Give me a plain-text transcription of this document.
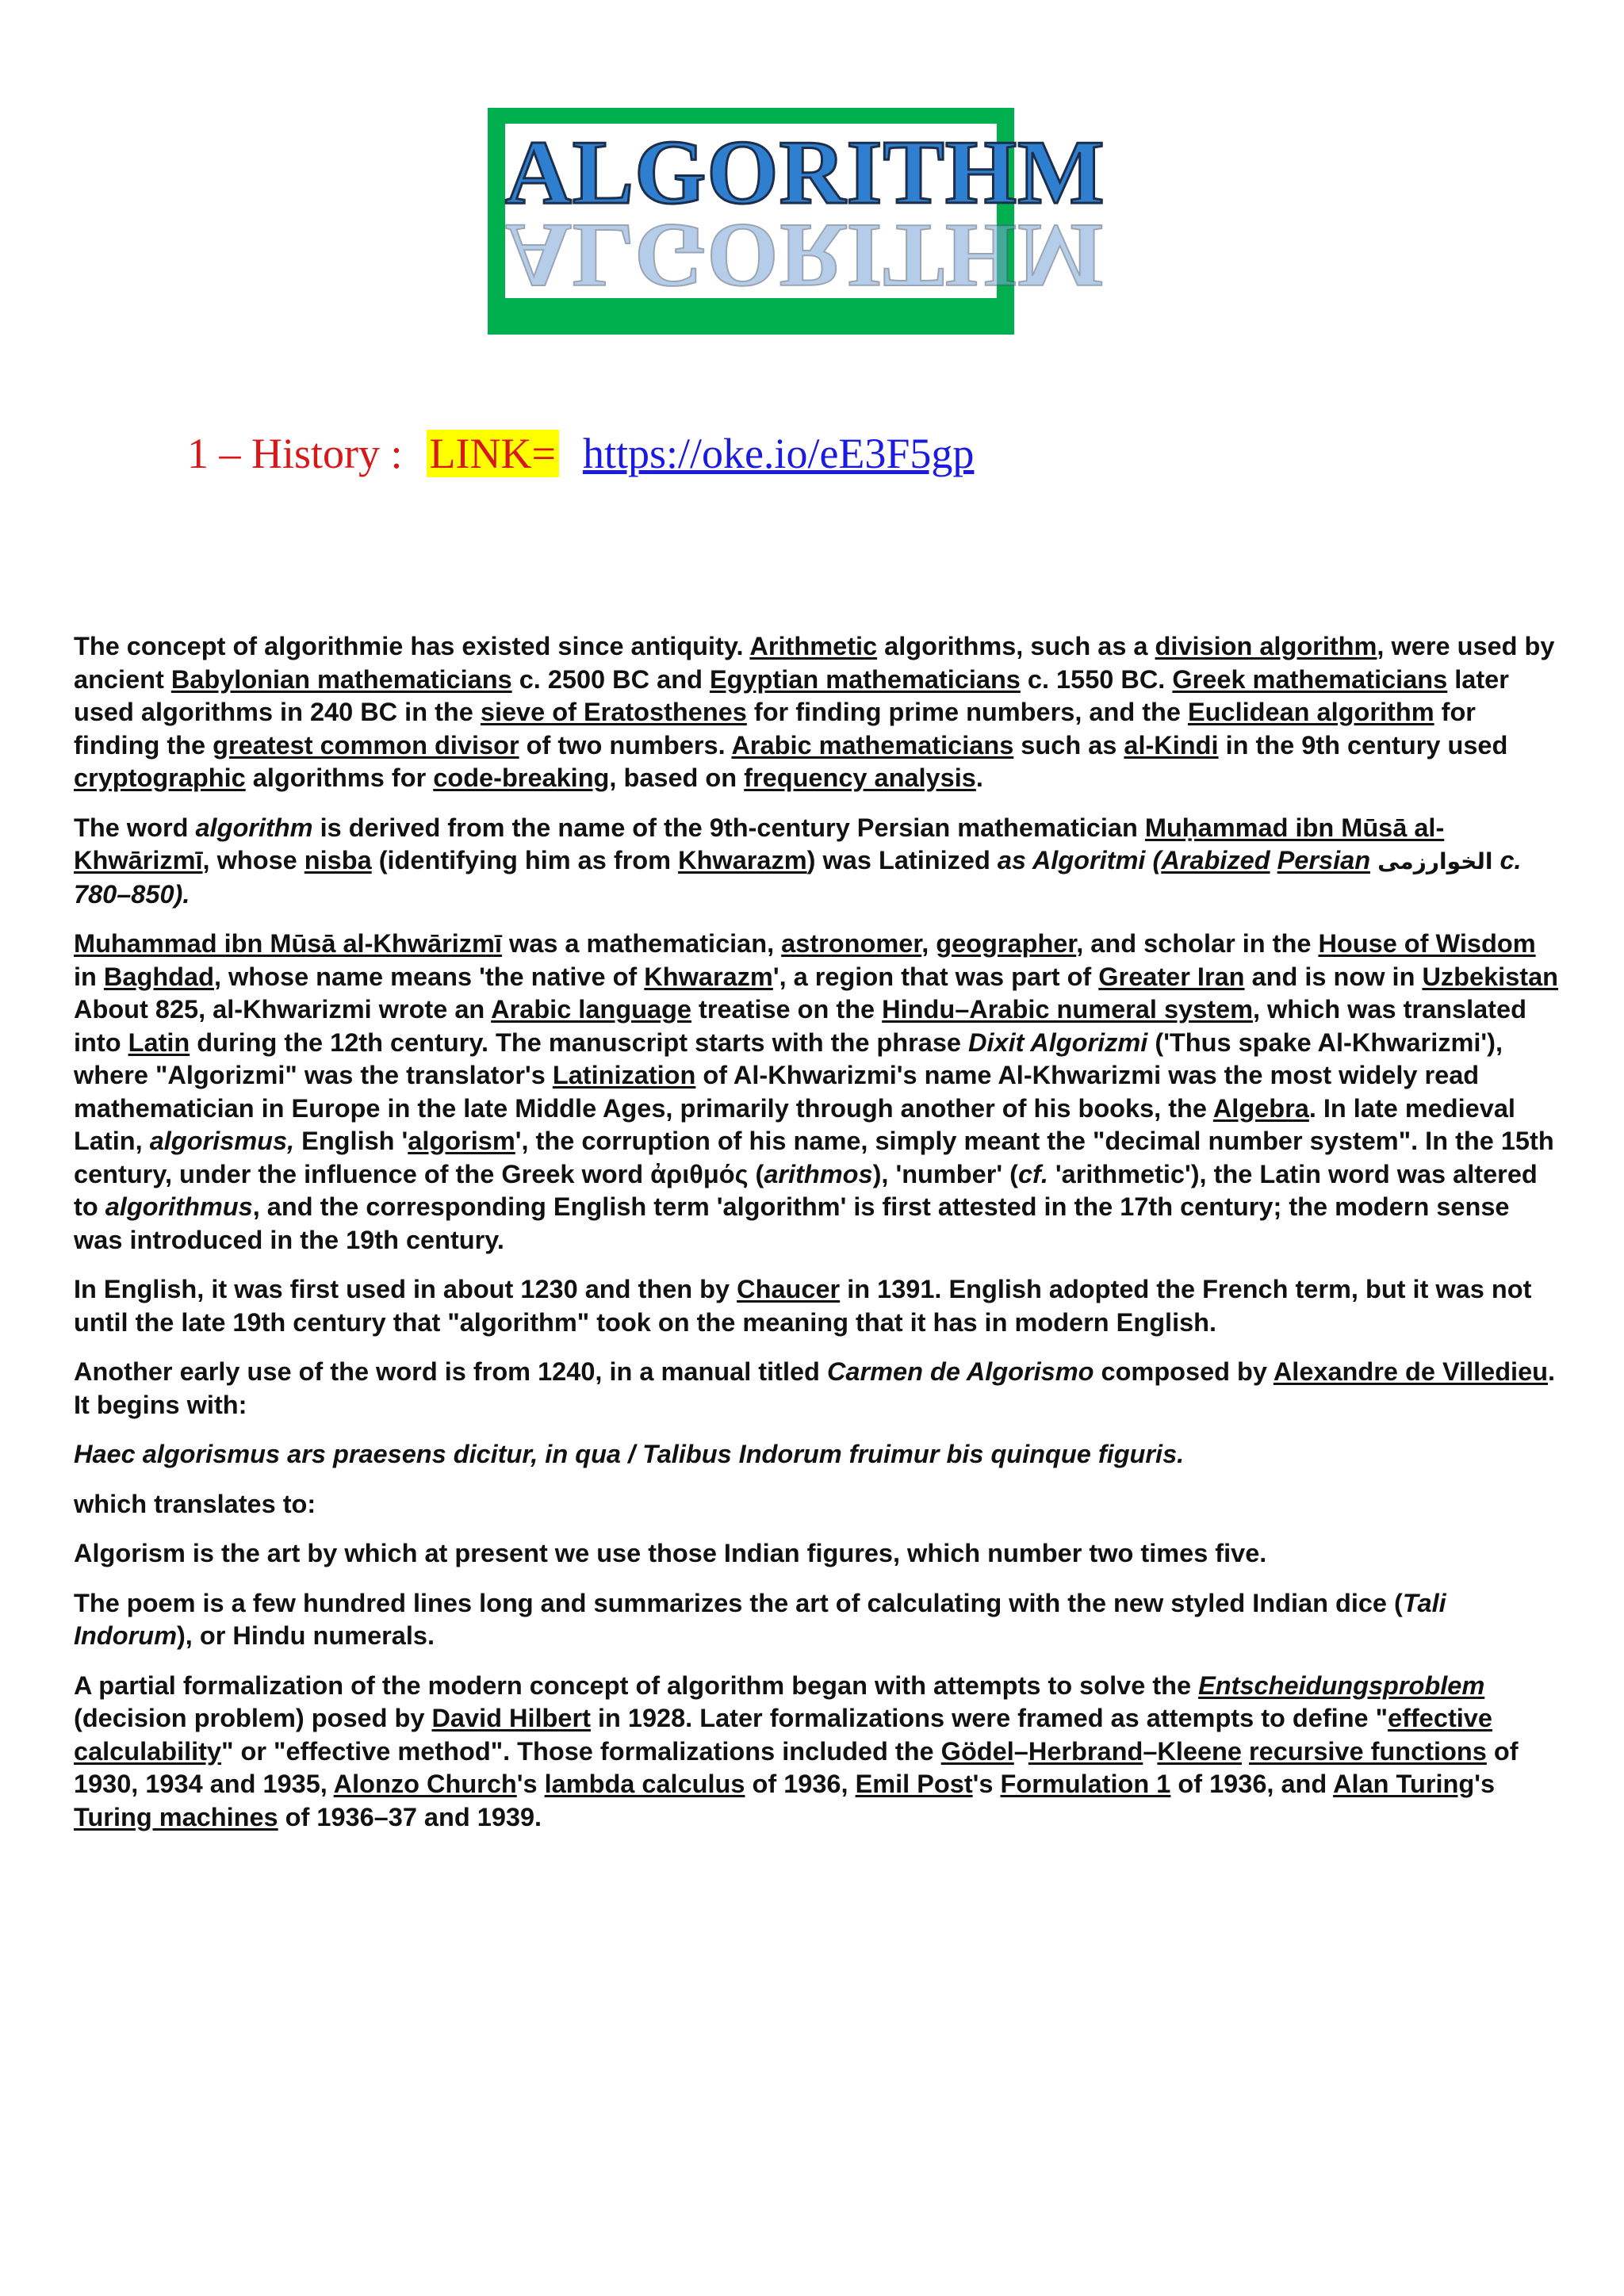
ALGORITHM
ALGORITHM
1 – History : LINK= https://oke.io/eE3F5gp

The concept of algorithmie has existed since antiquity. Arithmetic algorithms, such as a division algorithm, were used by ancient Babylonian mathematicians c. 2500 BC and Egyptian mathematicians c. 1550 BC. Greek mathematicians later used algorithms in 240 BC in the sieve of Eratosthenes for finding prime numbers, and the Euclidean algorithm for finding the greatest common divisor of two numbers. Arabic mathematicians such as al-Kindi in the 9th century used cryptographic algorithms for code-breaking, based on frequency analysis.

The word algorithm is derived from the name of the 9th-century Persian mathematician Muḥammad ibn Mūsā al-Khwārizmī, whose nisba (identifying him as from Khwarazm) was Latinized as Algoritmi (Arabized Persian الخوارزمی c. 780–850).

Muhammad ibn Mūsā al-Khwārizmī was a mathematician, astronomer, geographer, and scholar in the House of Wisdom in Baghdad, whose name means 'the native of Khwarazm', a region that was part of Greater Iran and is now in Uzbekistan About 825, al-Khwarizmi wrote an Arabic language treatise on the Hindu–Arabic numeral system, which was translated into Latin during the 12th century. The manuscript starts with the phrase Dixit Algorizmi ('Thus spake Al-Khwarizmi'), where "Algorizmi" was the translator's Latinization of Al-Khwarizmi's name Al-Khwarizmi was the most widely read mathematician in Europe in the late Middle Ages, primarily through another of his books, the Algebra. In late medieval Latin, algorismus, English 'algorism', the corruption of his name, simply meant the "decimal number system". In the 15th century, under the influence of the Greek word ἀριθμός (arithmos), 'number' (cf. 'arithmetic'), the Latin word was altered to algorithmus, and the corresponding English term 'algorithm' is first attested in the 17th century; the modern sense was introduced in the 19th century.

In English, it was first used in about 1230 and then by Chaucer in 1391. English adopted the French term, but it was not until the late 19th century that "algorithm" took on the meaning that it has in modern English.

Another early use of the word is from 1240, in a manual titled Carmen de Algorismo composed by Alexandre de Villedieu. It begins with:

Haec algorismus ars praesens dicitur, in qua / Talibus Indorum fruimur bis quinque figuris.

which translates to:

Algorism is the art by which at present we use those Indian figures, which number two times five.

The poem is a few hundred lines long and summarizes the art of calculating with the new styled Indian dice (Tali Indorum), or Hindu numerals.

A partial formalization of the modern concept of algorithm began with attempts to solve the Entscheidungsproblem (decision problem) posed by David Hilbert in 1928. Later formalizations were framed as attempts to define "effective calculability" or "effective method". Those formalizations included the Gödel–Herbrand–Kleene recursive functions of 1930, 1934 and 1935, Alonzo Church's lambda calculus of 1936, Emil Post's Formulation 1 of 1936, and Alan Turing's Turing machines of 1936–37 and 1939.
